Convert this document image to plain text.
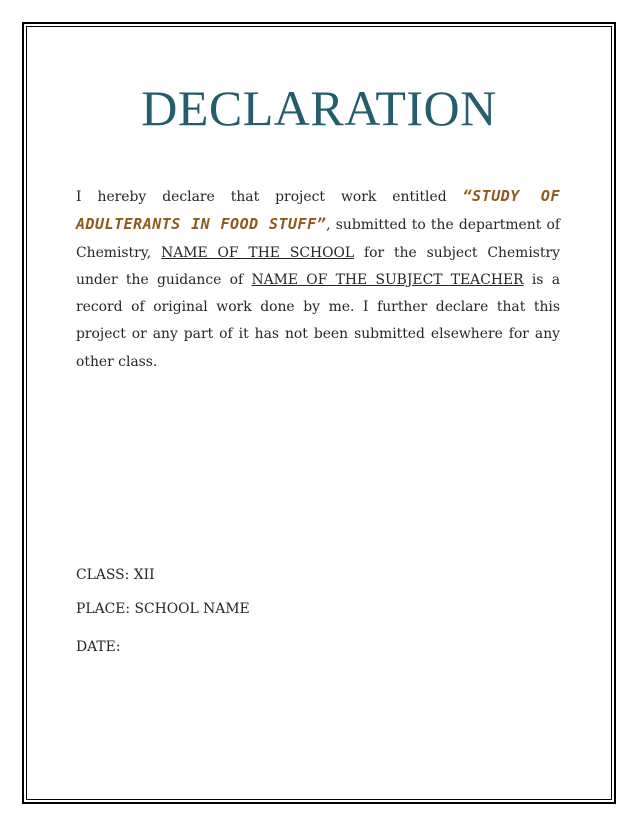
DECLARATION

I hereby declare that project work entitled “STUDY OF ADULTERANTS IN FOOD STUFF”, submitted to the department of Chemistry, NAME OF THE SCHOOL for the subject Chemistry under the guidance of NAME OF THE SUBJECT TEACHER is a record of original work done by me. I further declare that this project or any part of it has not been submitted elsewhere for any other class.

CLASS: XII
PLACE: SCHOOL NAME
DATE:
